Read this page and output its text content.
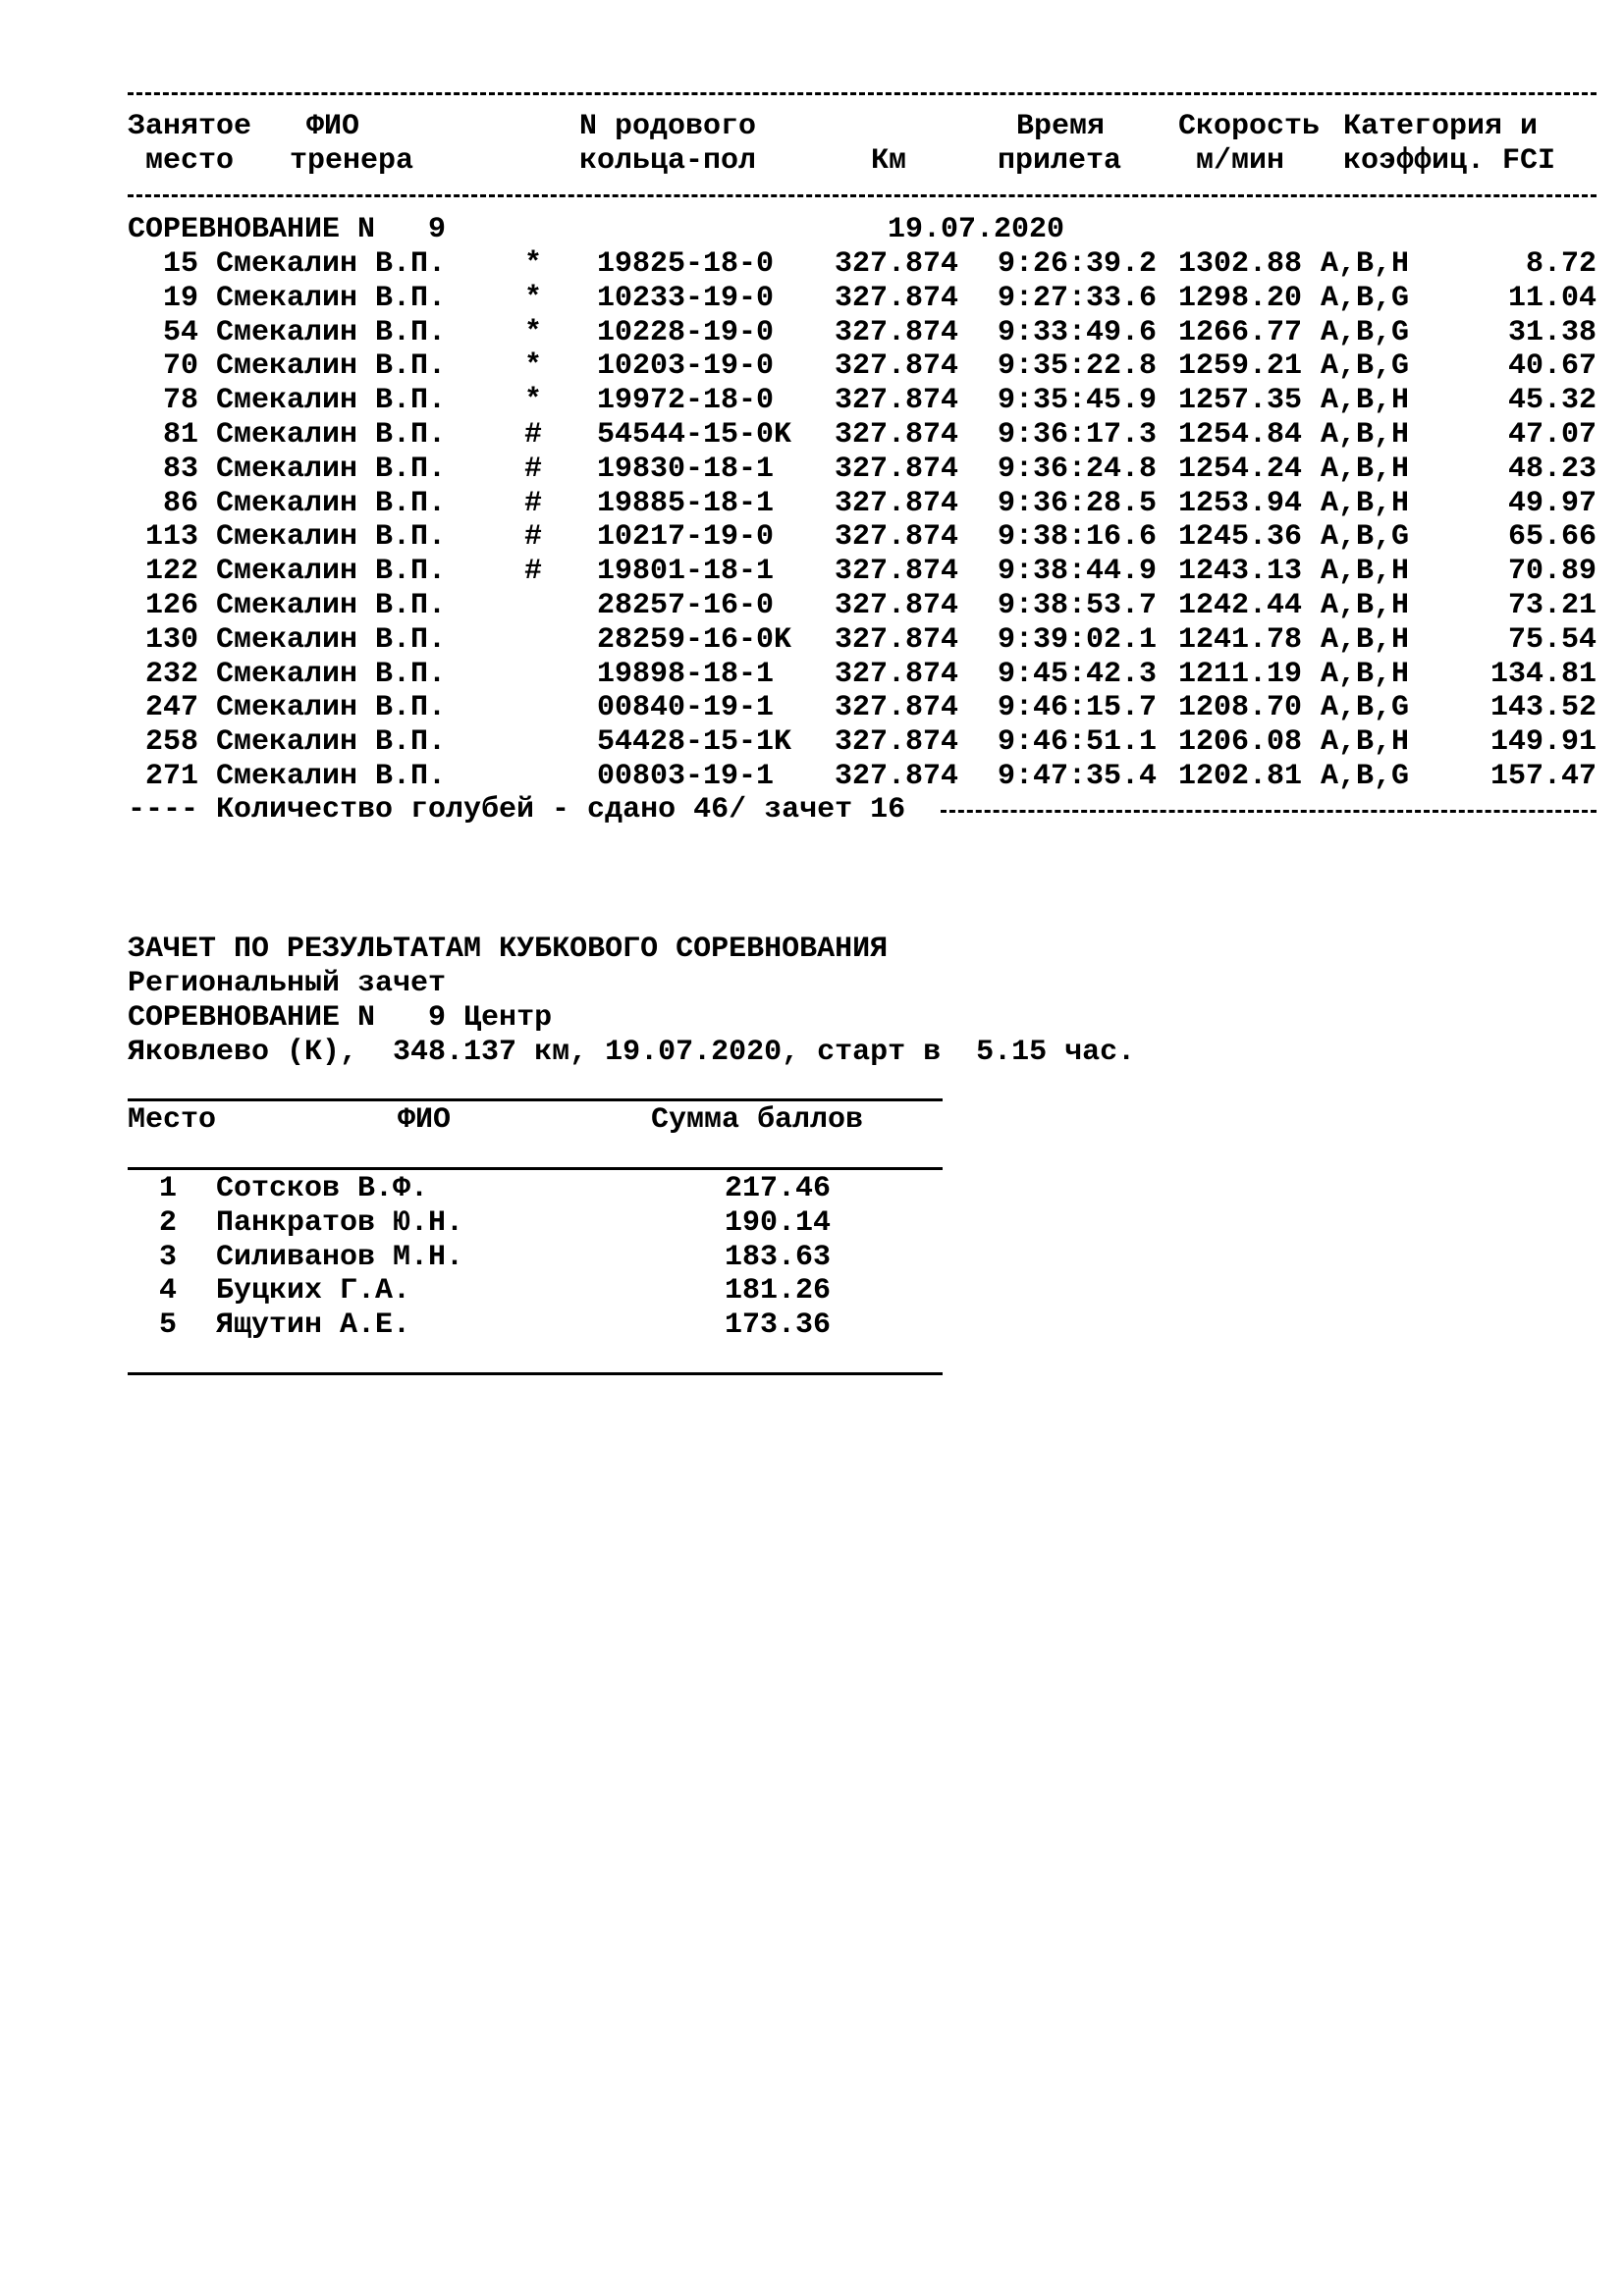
Занятое ФИО	N родового	Время Скорость Категория и
место тренера	кольца-пол	Км	прилета	м/мин коэффиц. FCI
СОРЕВНОВАНИЕ N   9	19.07.2020
15 Смекалин В.П.	* 19825-18-0 327.874 9:26:39.2 1302.88 A,B,H	8.72
19 Смекалин В.П.	* 10233-19-0 327.874 9:27:33.6 1298.20 A,B,G	11.04
54 Смекалин В.П.	* 10228-19-0 327.874 9:33:49.6 1266.77 A,B,G	31.38
70 Смекалин В.П.	* 10203-19-0 327.874 9:35:22.8 1259.21 A,B,G	40.67
78 Смекалин В.П.	* 19972-18-0 327.874 9:35:45.9 1257.35 A,B,H	45.32
81 Смекалин В.П.	# 54544-15-0K 327.874 9:36:17.3 1254.84 A,B,H	47.07
83 Смекалин В.П.	# 19830-18-1 327.874 9:36:24.8 1254.24 A,B,H	48.23
86 Смекалин В.П.	# 19885-18-1 327.874 9:36:28.5 1253.94 A,B,H	49.97
113 Смекалин В.П.	# 10217-19-0 327.874 9:38:16.6 1245.36 A,B,G	65.66
122 Смекалин В.П.	# 19801-18-1 327.874 9:38:44.9 1243.13 A,B,H	70.89
126 Смекалин В.П.	28257-16-0 327.874 9:38:53.7 1242.44 A,B,H	73.21
130 Смекалин В.П.	28259-16-0K 327.874 9:39:02.1 1241.78 A,B,H	75.54
232 Смекалин В.П.	19898-18-1 327.874 9:45:42.3 1211.19 A,B,H	134.81
247 Смекалин В.П.	00840-19-1 327.874 9:46:15.7 1208.70 A,B,G	143.52
258 Смекалин В.П.	54428-15-1K 327.874 9:46:51.1 1206.08 A,B,H	149.91
271 Смекалин В.П.	00803-19-1 327.874 9:47:35.4 1202.81 A,B,G	157.47
---- Количество голубей - сдано 46/ зачет 16
ЗАЧЕТ ПО РЕЗУЛЬТАТАМ КУБКОВОГО СОРЕВНОВАНИЯ
Региональный зачет
СОРЕВНОВАНИЕ N   9 Центр
Яковлево (К),  348.137 км, 19.07.2020, старт в  5.15 час.
Место	ФИО	Сумма баллов
1 Сотсков В.Ф.	217.46
2 Панкратов Ю.Н.	190.14
3 Силиванов М.Н.	183.63
4 Буцких Г.А.	181.26
5 Ящутин А.Е.	173.36
